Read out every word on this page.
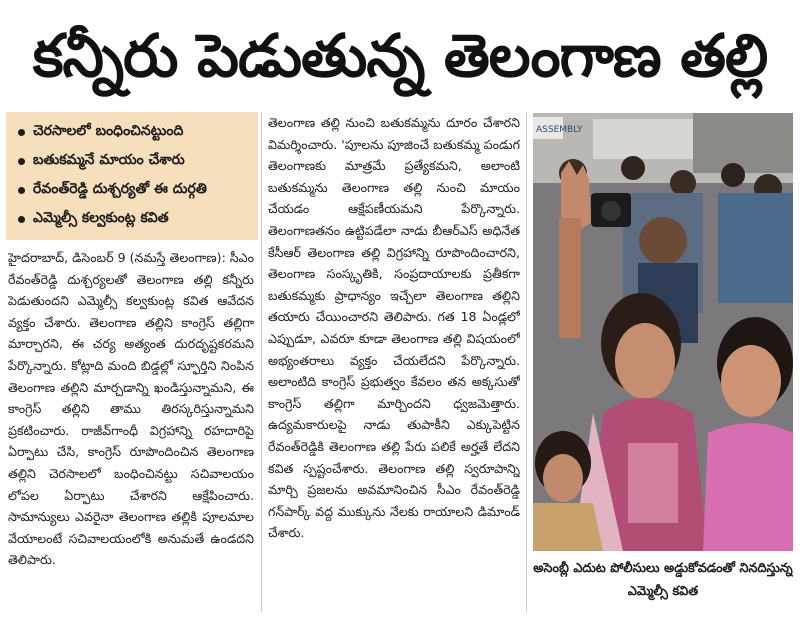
కన్నీరు పెడుతున్న తెలంగాణ తల్లి
చెరసాలలో బంధించినట్టుంది
బతుకమ్మనే మాయం చేశారు
రేవంత్‌రెడ్డి దుశ్చర్యతో ఈ దుర్గతి
ఎమ్మెల్సీ కల్వకుంట్ల కవిత
హైదరాబాద్, డిసెంబర్ 9 (నమస్తే తెలంగాణ): సీఎం రేవంత్‌రెడ్డి దుశ్చర్యలతో తెలంగాణ తల్లి కన్నీరు పెడుతుందని ఎమ్మెల్సీ కల్వకుంట్ల కవిత ఆవేదన వ్యక్తం చేశారు. తెలంగాణ తల్లిని కాంగ్రెస్ తల్లిగా మార్చారని, ఈ చర్య అత్యంత దురదృష్టకరమని పేర్కొన్నారు. కోట్లాది మంది బిడ్డల్లో స్ఫూర్తిని నింపిన తెలంగాణ తల్లిని మార్చడాన్ని ఖండిస్తున్నామని, ఈ కాంగ్రెస్ తల్లిని తాము తిరస్కరిస్తున్నామని ప్రకటించారు. రాజీవ్‌గాంధీ విగ్రహాన్ని రహదారిపై ఏర్పాటు చేసి, కాంగ్రెస్ రూపొందించిన తెలంగాణ తల్లిని చెరసాలలో బంధించినట్టు సచివాలయం లోపల ఏర్పాటు చేశారని ఆక్షేపించారు. సామాన్యులు ఎవరైనా తెలంగాణ తల్లికి పూలమాల వేయాలంటే సచివాలయంలోకి అనుమతే ఉండదని తెలిపారు.
తెలంగాణ తల్లి నుంచి బతుకమ్మను దూరం చేశారని విమర్శించారు. 'పూలను పూజించే బతుకమ్మ పండుగ తెలంగాణకు మాత్రమే ప్రత్యేకమని, అలాంటి బతుకమ్మను తెలంగాణ తల్లి నుంచి మాయం చేయడం ఆక్షేపణీయమని పేర్కొన్నారు. తెలంగాణతనం ఉట్టిపడేలా నాడు బీఆర్‌ఎస్ అధినేత కేసీఆర్ తెలంగాణ తల్లి విగ్రహాన్ని రూపొందించారని, తెలంగాణ సంస్కృతికి, సంప్రదాయాలకు ప్రతీకగా బతుకమ్మకు ప్రాధాన్యం ఇచ్చేలా తెలంగాణ తల్లిని తయారు చేయించారని తెలిపారు. గత 18 ఏండ్లలో ఎప్పుడూ, ఎవరూ కూడా తెలంగాణ తల్లి విషయంలో అభ్యంతరాలు వ్యక్తం చేయలేదని పేర్కొన్నారు. అలాంటిది కాంగ్రెస్ ప్రభుత్వం కేవలం తన అక్కసుతో కాంగ్రెస్ తల్లిగా మార్చిందని ధ్వజమెత్తారు. ఉద్యమకారులపై నాడు తుపాకీని ఎక్కుపెట్టిన రేవంత్‌రెడ్డికి తెలంగాణ తల్లి పేరు పలికే అర్హతే లేదని కవిత స్పష్టంచేశారు. తెలంగాణ తల్లి స్వరూపాన్ని మార్చి ప్రజలను అవమానించిన సీఎం రేవంత్‌రెడ్డి గన్‌పార్క్ వద్ద ముక్కును నేలకు రాయాలని డిమాండ్ చేశారు.
ASSEMBLY
అసెంబ్లీ ఎదుట పోలీసులు అడ్డుకోవడంతో నినదిస్తున్న ఎమ్మెల్సీ కవిత
